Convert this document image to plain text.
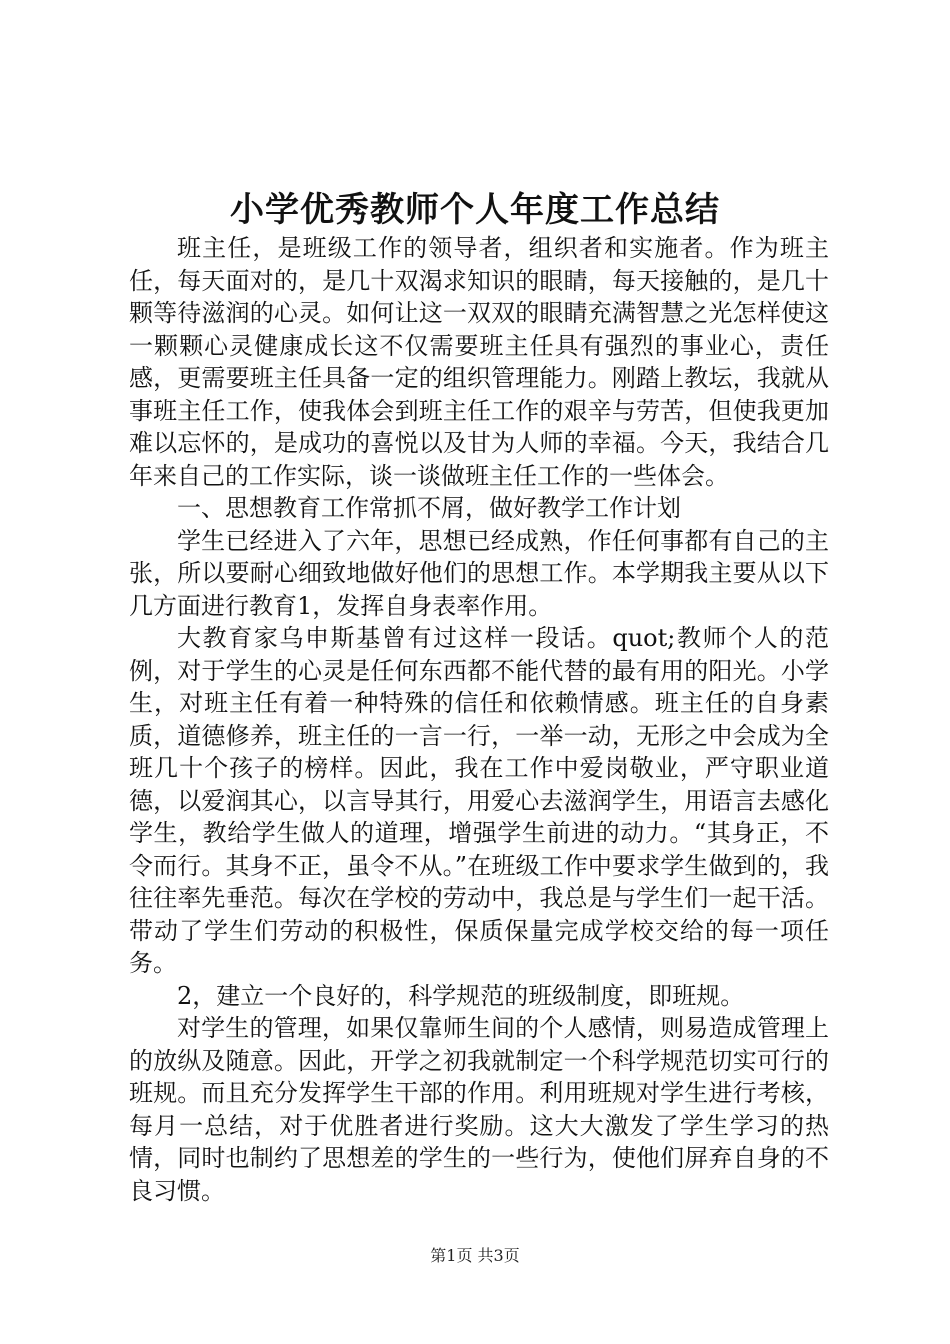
小学优秀教师个人年度工作总结

班主任，是班级工作的领导者，组织者和实施者。作为班主任，每天面对的，是几十双渴求知识的眼睛，每天接触的，是几十颗等待滋润的心灵。如何让这一双双的眼睛充满智慧之光怎样使这一颗颗心灵健康成长这不仅需要班主任具有强烈的事业心，责任感，更需要班主任具备一定的组织管理能力。刚踏上教坛，我就从事班主任工作，使我体会到班主任工作的艰辛与劳苦，但使我更加难以忘怀的，是成功的喜悦以及甘为人师的幸福。今天，我结合几年来自己的工作实际，谈一谈做班主任工作的一些体会。

一、思想教育工作常抓不屑，做好教学工作计划

学生已经进入了六年，思想已经成熟，作任何事都有自己的主张，所以要耐心细致地做好他们的思想工作。本学期我主要从以下几方面进行教育1，发挥自身表率作用。

大教育家乌申斯基曾有过这样一段话。quot;教师个人的范例，对于学生的心灵是任何东西都不能代替的最有用的阳光。小学生，对班主任有着一种特殊的信任和依赖情感。班主任的自身素质，道德修养，班主任的一言一行，一举一动，无形之中会成为全班几十个孩子的榜样。因此，我在工作中爱岗敬业，严守职业道德，以爱润其心，以言导其行，用爱心去滋润学生，用语言去感化学生，教给学生做人的道理，增强学生前进的动力。“其身正，不令而行。其身不正，虽令不从。”在班级工作中要求学生做到的，我往往率先垂范。每次在学校的劳动中，我总是与学生们一起干活。带动了学生们劳动的积极性，保质保量完成学校交给的每一项任务。

2，建立一个良好的，科学规范的班级制度，即班规。

对学生的管理，如果仅靠师生间的个人感情，则易造成管理上的放纵及随意。因此，开学之初我就制定一个科学规范切实可行的班规。而且充分发挥学生干部的作用。利用班规对学生进行考核，每月一总结，对于优胜者进行奖励。这大大激发了学生学习的热情，同时也制约了思想差的学生的一些行为，使他们屏弃自身的不良习惯。

第1页 共3页
